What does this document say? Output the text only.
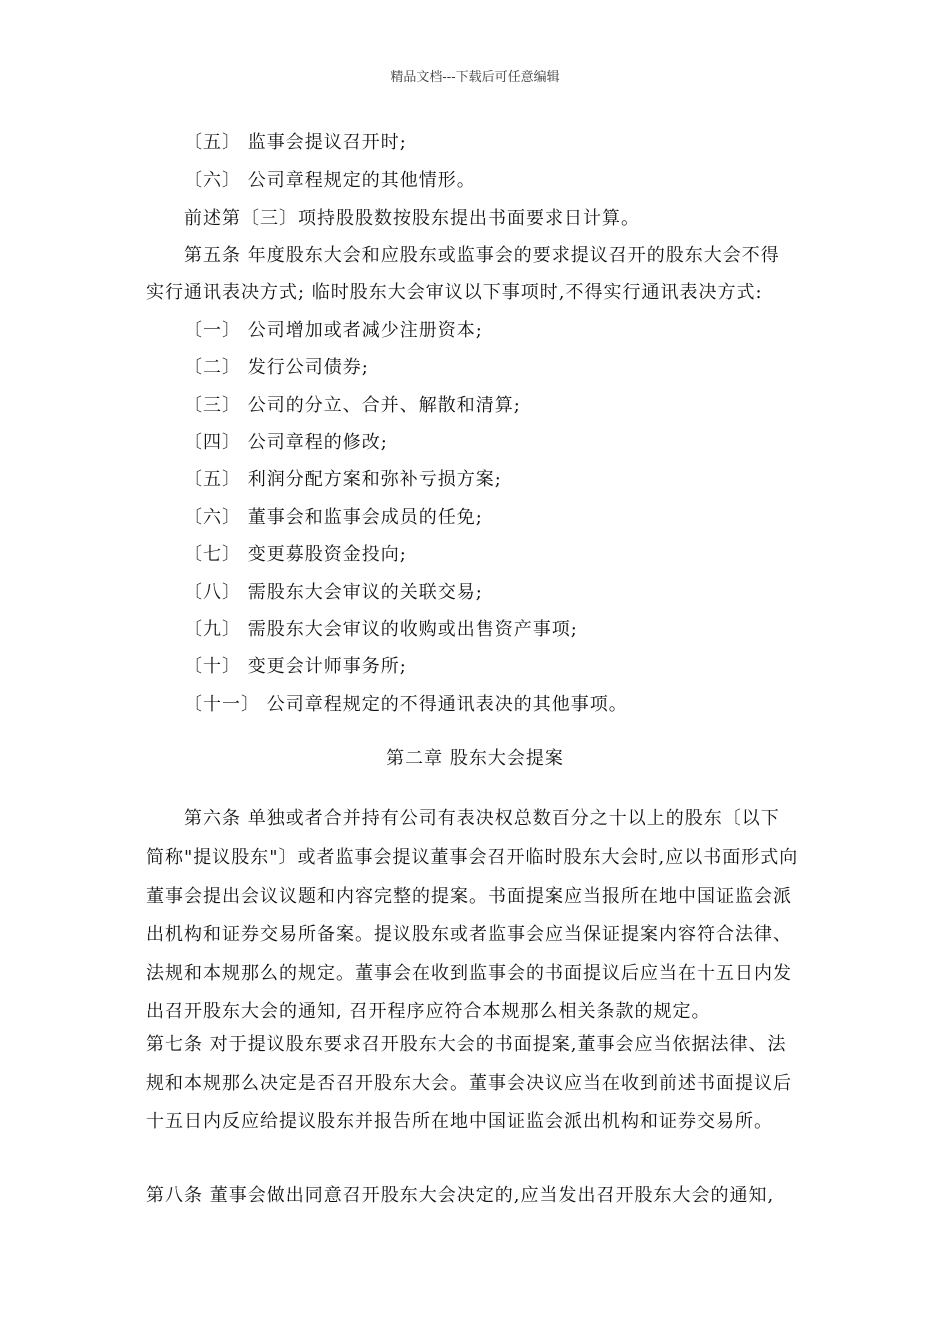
精品文档---下载后可任意编辑
〔五〕 监事会提议召开时;
〔六〕 公司章程规定的其他情形。
前述第〔三〕项持股股数按股东提出书面要求日计算。
第五条 年度股东大会和应股东或监事会的要求提议召开的股东大会不得
实行通讯表决方式; 临时股东大会审议以下事项时,不得实行通讯表决方式:
〔一〕 公司增加或者减少注册资本;
〔二〕 发行公司债券;
〔三〕 公司的分立、合并、解散和清算;
〔四〕 公司章程的修改;
〔五〕 利润分配方案和弥补亏损方案;
〔六〕 董事会和监事会成员的任免;
〔七〕 变更募股资金投向;
〔八〕 需股东大会审议的关联交易;
〔九〕 需股东大会审议的收购或出售资产事项;
〔十〕 变更会计师事务所;
〔十一〕 公司章程规定的不得通讯表决的其他事项。
第二章 股东大会提案
第六条 单独或者合并持有公司有表决权总数百分之十以上的股东〔以下
简称"提议股东"〕或者监事会提议董事会召开临时股东大会时,应以书面形式向
董事会提出会议议题和内容完整的提案。书面提案应当报所在地中国证监会派
出机构和证券交易所备案。提议股东或者监事会应当保证提案内容符合法律、
法规和本规那么的规定。董事会在收到监事会的书面提议后应当在十五日内发
出召开股东大会的通知, 召开程序应符合本规那么相关条款的规定。
第七条 对于提议股东要求召开股东大会的书面提案,董事会应当依据法律、法
规和本规那么决定是否召开股东大会。董事会决议应当在收到前述书面提议后
十五日内反应给提议股东并报告所在地中国证监会派出机构和证券交易所。
第八条 董事会做出同意召开股东大会决定的,应当发出召开股东大会的通知,
